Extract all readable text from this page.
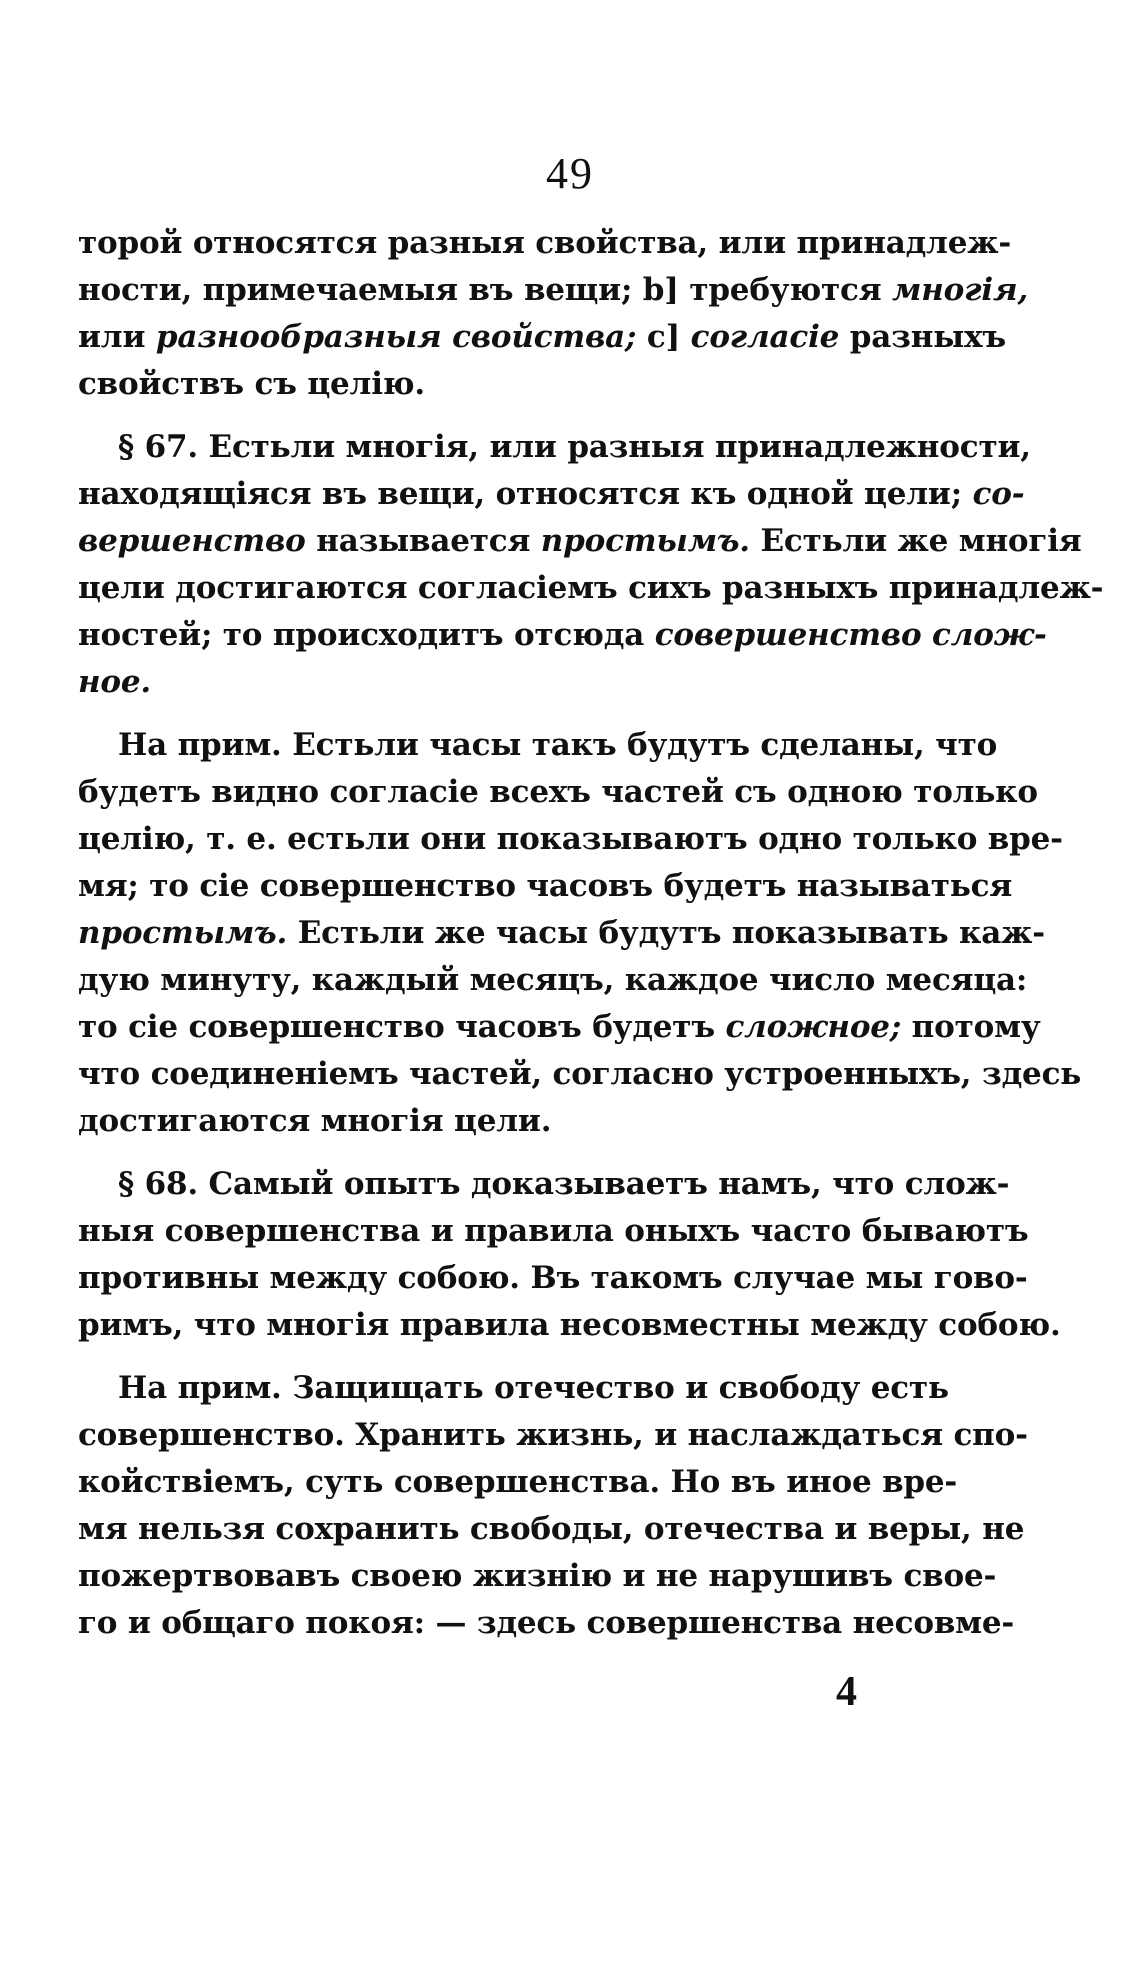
49
торой относятся разныя свойства, или принадлеж-
ности, примечаемыя въ вещи; b] требуются многія,
или разнообразныя свойства; с] согласіе разныхъ
свойствъ съ целію.
§ 67. Естьли многія, или разныя принадлежности,
находящіяся въ вещи, относятся къ одной цели; со-
вершенство называется простымъ. Естьли же многія
цели достигаются согласіемъ сихъ разныхъ принадлеж-
ностей; то происходитъ отсюда совершенство слож-
ное.
На прим. Естьли часы такъ будутъ сделаны, что
будетъ видно согласіе всехъ частей съ одною только
целію, т. е. естьли они показываютъ одно только вре-
мя; то сіе совершенство часовъ будетъ называться
простымъ. Естьли же часы будутъ показывать каж-
дую минуту, каждый месяцъ, каждое число месяца:
то сіе совершенство часовъ будетъ сложное; потому
что соединеніемъ частей, согласно устроенныхъ, здесь
достигаются многія цели.
§ 68. Самый опытъ доказываетъ намъ, что слож-
ныя совершенства и правила оныхъ часто бываютъ
противны между собою. Въ такомъ случае мы гово-
римъ, что многія правила несовместны между собою.
На прим. Защищать отечество и свободу есть
совершенство. Хранить жизнь, и наслаждаться спо-
койствіемъ, суть совершенства. Но въ иное вре-
мя нельзя сохранить свободы, отечества и веры, не
пожертвовавъ своею жизнію и не нарушивъ свое-
го и общаго покоя: — здесь совершенства несовме-
4
